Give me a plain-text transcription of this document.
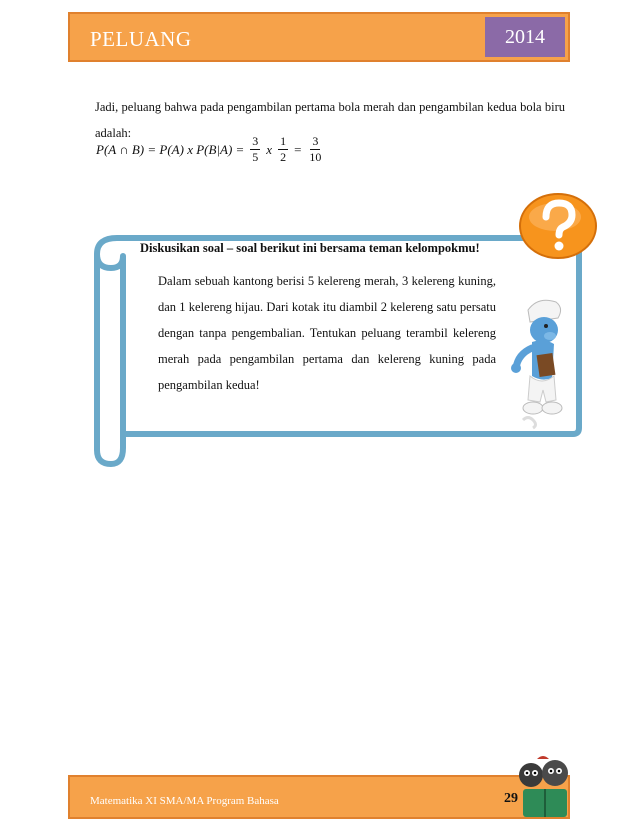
PELUANG	2014
Jadi, peluang bahwa pada pengambilan pertama bola merah dan pengambilan kedua bola biru adalah:
P(A ∩ B) = P(A) x $P(B|A) = \frac{3}{5}$ x $\frac{1}{2} = \frac{3}{10}$
Diskusikan soal – soal berikut ini bersama teman kelompokmu!
Dalam sebuah kantong berisi 5 kelereng merah, 3 kelereng kuning, dan 1 kelereng hijau. Dari kotak itu diambil 2 kelereng satu persatu dengan tanpa pengembalian. Tentukan peluang terambil kelereng merah pada pengambilan pertama dan kelereng kuning pada pengambilan kedua!
Matematika XI SMA/MA Program Bahasa	29
